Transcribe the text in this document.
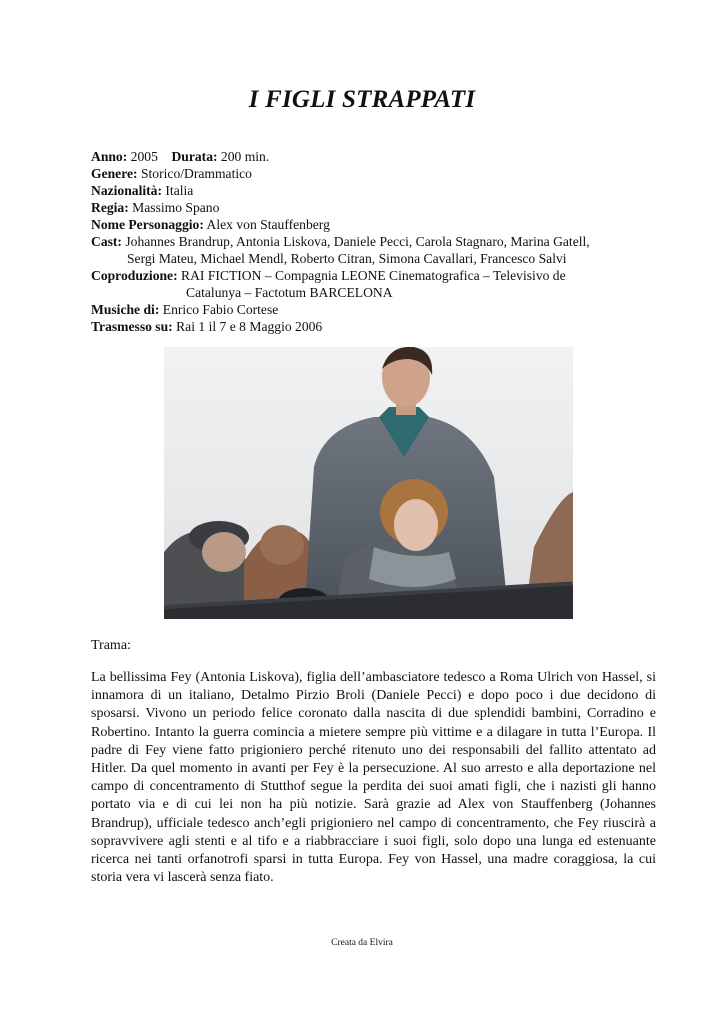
I FIGLI STRAPPATI
Anno: 2005 Durata: 200 min.
Genere: Storico/Drammatico
Nazionalità: Italia
Regia: Massimo Spano
Nome Personaggio: Alex von Stauffenberg
Cast: Johannes Brandrup, Antonia Liskova, Daniele Pecci, Carola Stagnaro, Marina Gatell,
Sergi Mateu, Michael Mendl, Roberto Citran, Simona Cavallari, Francesco Salvi
Coproduzione: RAI FICTION – Compagnia LEONE Cinematografica – Televisivo de
Catalunya – Factotum BARCELONA
Musiche di: Enrico Fabio Cortese
Trasmesso su: Rai 1 il 7 e 8 Maggio 2006
Trama:
La bellissima Fey (Antonia Liskova), figlia dell’ambasciatore tedesco a Roma Ulrich von Hassel, si innamora di un italiano, Detalmo Pirzio Broli (Daniele Pecci) e dopo poco i due decidono di sposarsi. Vivono un periodo felice coronato dalla nascita di due splendidi bambini, Corradino e Robertino. Intanto la guerra comincia a mietere sempre più vittime e a dilagare in tutta l’Europa. Il padre di Fey viene fatto prigioniero perché ritenuto uno dei responsabili del fallito attentato ad Hitler. Da quel momento in avanti per Fey è la persecuzione. Al suo arresto e alla deportazione nel campo di concentramento di Stutthof segue la perdita dei suoi amati figli, che i nazisti gli hanno portato via e di cui lei non ha più notizie. Sarà grazie ad Alex von Stauffenberg (Johannes Brandrup), ufficiale tedesco anch’egli prigioniero nel campo di concentramento, che Fey riuscirà a sopravvivere agli stenti e al tifo e a riabbracciare i suoi figli, solo dopo una lunga ed estenuante ricerca nei tanti orfanotrofi sparsi in tutta Europa. Fey von Hassel, una madre coraggiosa, la cui storia vera vi lascerà senza fiato.
Creata da Elvira
